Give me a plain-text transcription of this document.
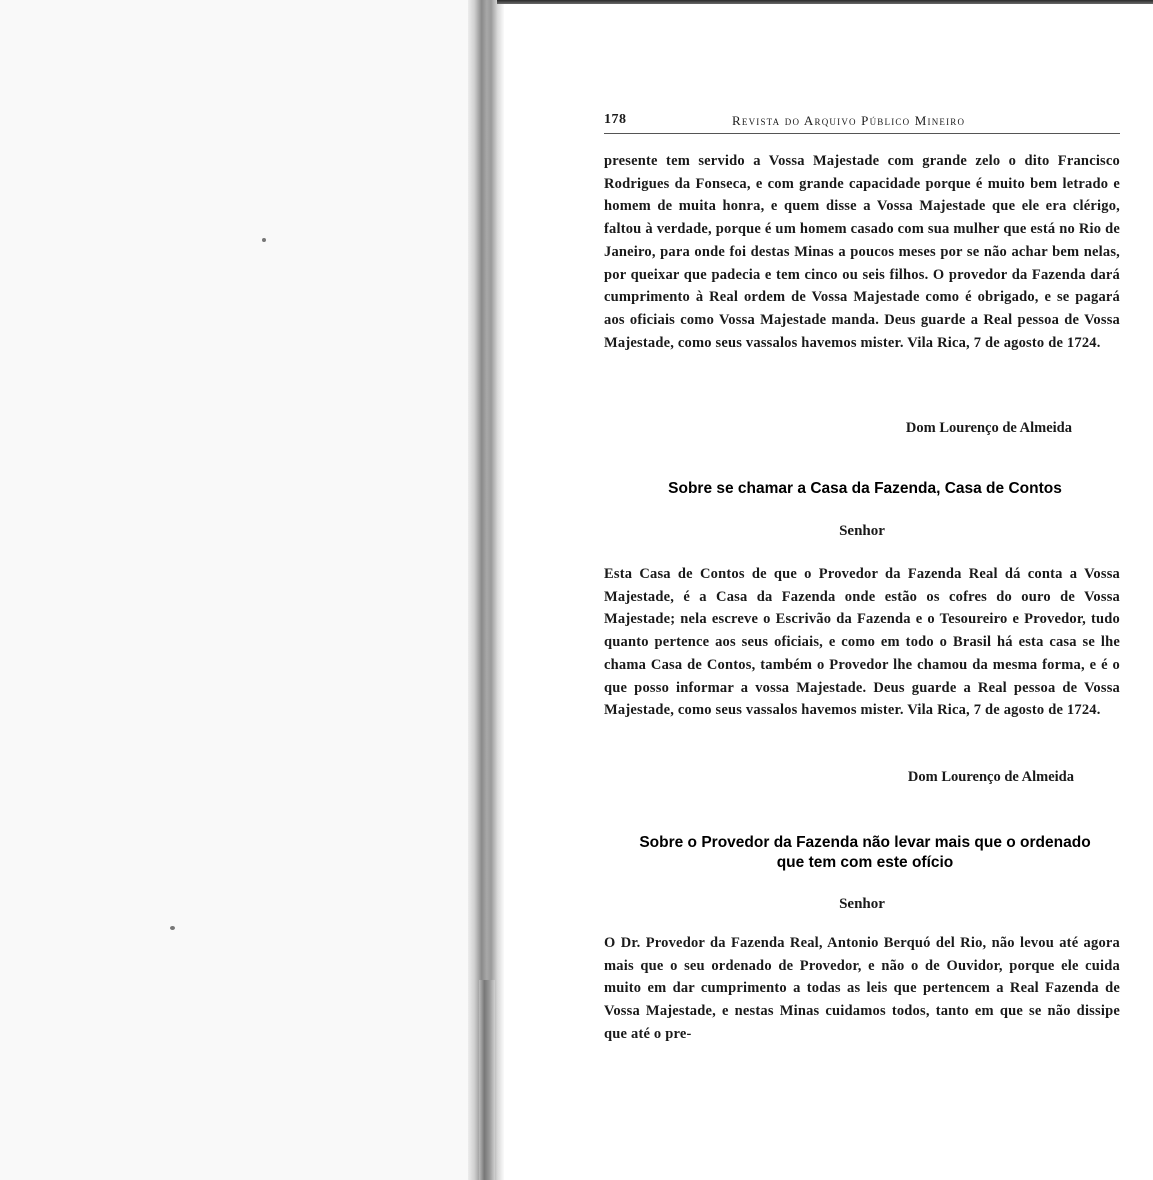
178	Revista do Arquivo Público Mineiro
presente tem servido a Vossa Majestade com grande zelo o dito Francisco Rodrigues da Fonseca, e com grande capacidade porque é muito bem letrado e homem de muita honra, e quem disse a Vossa Majestade que ele era clérigo, faltou à verdade, porque é um homem casado com sua mulher que está no Rio de Janeiro, para onde foi destas Minas a poucos meses por se não achar bem nelas, por queixar que padecia e tem cinco ou seis filhos. O provedor da Fazenda dará cumprimento à Real ordem de Vossa Majestade como é obrigado, e se pagará aos oficiais como Vossa Majestade manda. Deus guarde a Real pessoa de Vossa Majestade, como seus vassalos havemos mister. Vila Rica, 7 de agosto de 1724.
Dom Lourenço de Almeida
Sobre se chamar a Casa da Fazenda, Casa de Contos
Senhor
Esta Casa de Contos de que o Provedor da Fazenda Real dá conta a Vossa Majestade, é a Casa da Fazenda onde estão os cofres do ouro de Vossa Majestade; nela escreve o Escrivão da Fazenda e o Tesoureiro e Provedor, tudo quanto pertence aos seus oficiais, e como em todo o Brasil há esta casa se lhe chama Casa de Contos, também o Provedor lhe chamou da mesma forma, e é o que posso informar a vossa Majestade. Deus guarde a Real pessoa de Vossa Majestade, como seus vassalos havemos mister. Vila Rica, 7 de agosto de 1724.
Dom Lourenço de Almeida
Sobre o Provedor da Fazenda não levar mais que o ordenado
que tem com este ofício
Senhor
O Dr. Provedor da Fazenda Real, Antonio Berquó del Rio, não levou até agora mais que o seu ordenado de Provedor, e não o de Ouvidor, porque ele cuida muito em dar cumprimento a todas as leis que pertencem a Real Fazenda de Vossa Majestade, e nestas Minas cuidamos todos, tanto em que se não dissipe que até o pre-
